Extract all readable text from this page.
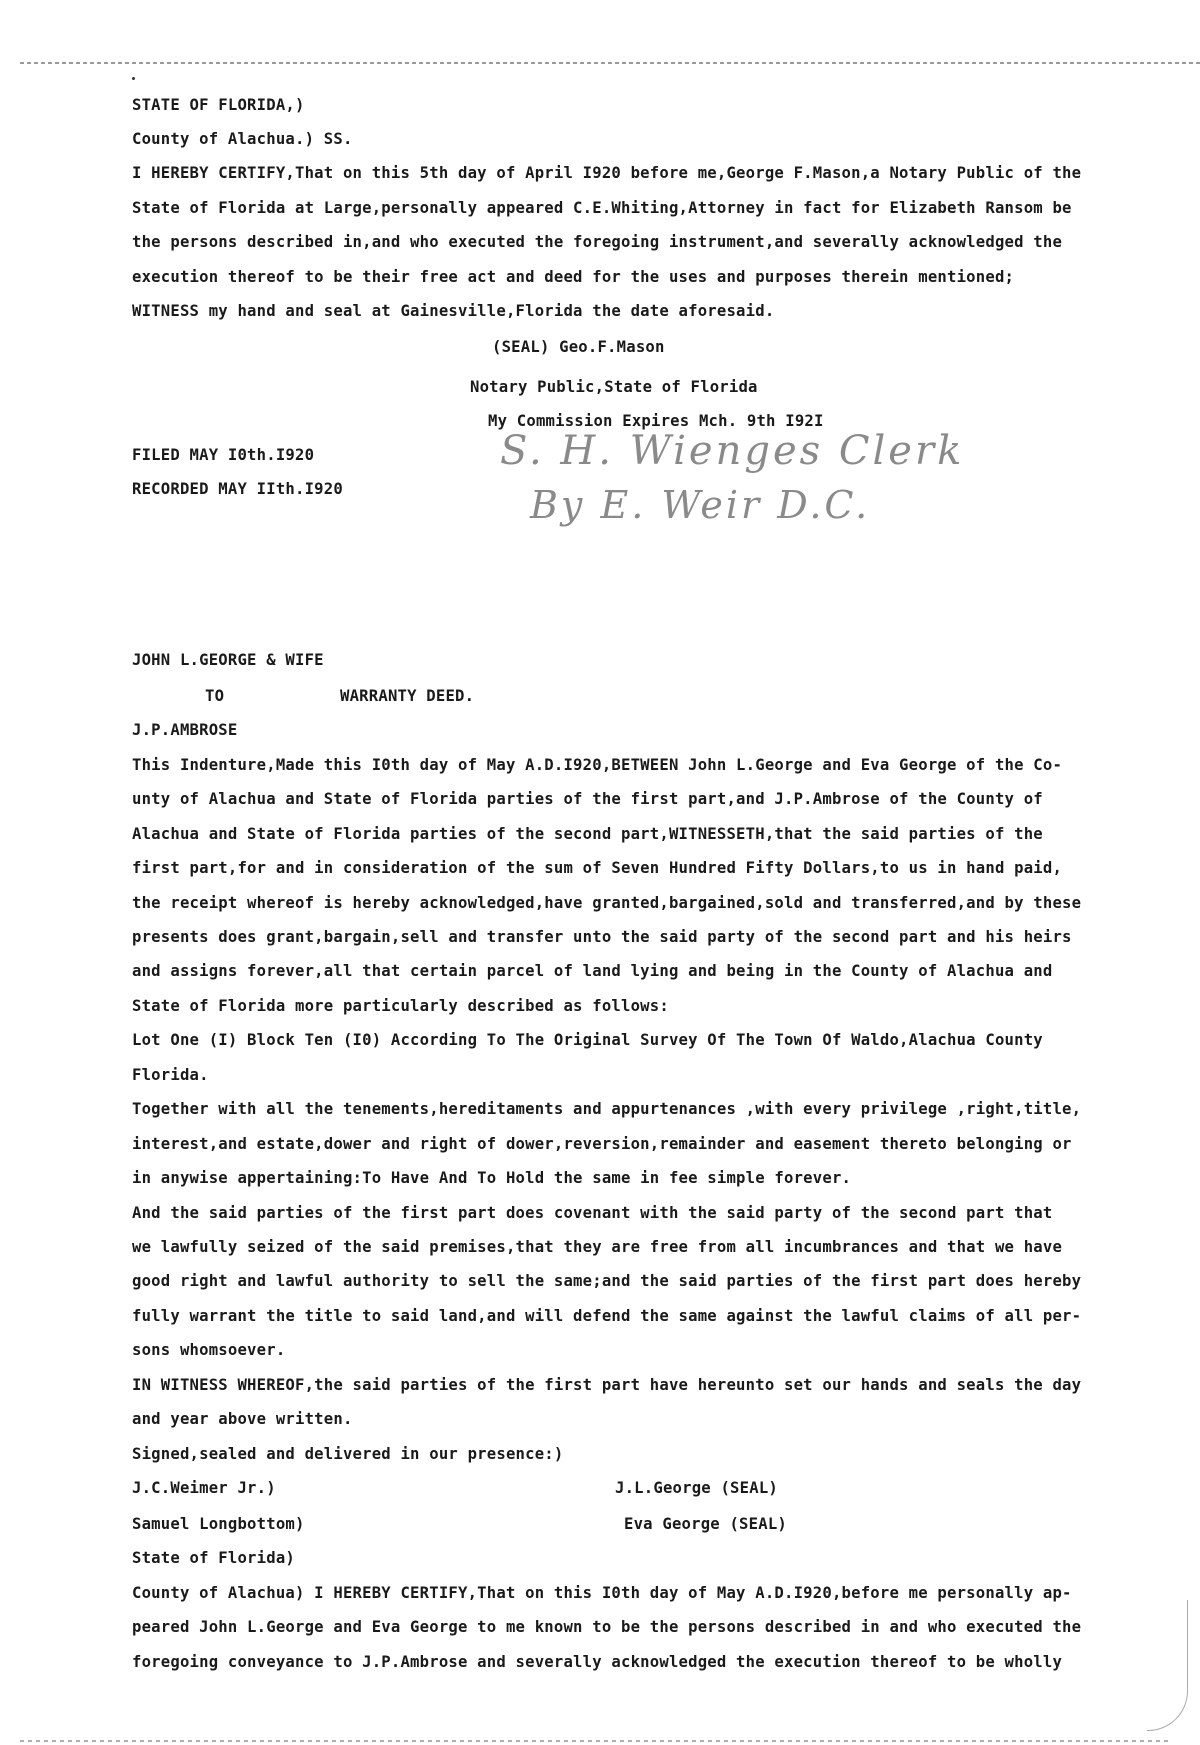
STATE OF FLORIDA,)
County of Alachua.) SS.
I HEREBY CERTIFY,That on this 5th day of April I920 before me,George F.Mason,a Notary Public of the
State of Florida at Large,personally appeared C.E.Whiting,Attorney in fact for Elizabeth Ransom be
the persons described in,and who executed the foregoing instrument,and severally acknowledged the
execution thereof to be their free act and deed for the uses and purposes therein mentioned;
WITNESS my hand and seal at Gainesville,Florida the date aforesaid.
(SEAL) Geo.F.Mason
Notary Public,State of Florida
My Commission Expires Mch. 9th I92I
FILED MAY I0th.I920
RECORDED MAY IIth.I920
S. H. Wienges Clerk
By E. Weir D.C.
JOHN L.GEORGE & WIFE
TO	WARRANTY DEED.
J.P.AMBROSE
This Indenture,Made this I0th day of May A.D.I920,BETWEEN John L.George and Eva George of the Co-
unty of Alachua and State of Florida parties of the first part,and J.P.Ambrose of the County of
Alachua and State of Florida parties of the second part,WITNESSETH,that the said parties of the
first part,for and in consideration of the sum of Seven Hundred Fifty Dollars,to us in hand paid,
the receipt whereof is hereby acknowledged,have granted,bargained,sold and transferred,and by these
presents does grant,bargain,sell and transfer unto the said party of the second part and his heirs
and assigns forever,all that certain parcel of land lying and being in the County of Alachua and
State of Florida more particularly described as follows:
Lot One (I) Block Ten (I0) According To The Original Survey Of The Town Of Waldo,Alachua County
Florida.
Together with all the tenements,hereditaments and appurtenances ,with every privilege ,right,title,
interest,and estate,dower and right of dower,reversion,remainder and easement thereto belonging or
in anywise appertaining:To Have And To Hold the same in fee simple forever.
And the said parties of the first part does covenant with the said party of the second part that
we lawfully seized of the said premises,that they are free from all incumbrances and that we have
good right and lawful authority to sell the same;and the said parties of the first part does hereby
fully warrant the title to said land,and will defend the same against the lawful claims of all per-
sons whomsoever.
IN WITNESS WHEREOF,the said parties of the first part have hereunto set our hands and seals the day
and year above written.
Signed,sealed and delivered in our presence:)
J.C.Weimer Jr.)	J.L.George (SEAL)
Samuel Longbottom)	Eva George (SEAL)
State of Florida)
County of Alachua) I HEREBY CERTIFY,That on this I0th day of May A.D.I920,before me personally ap-
peared John L.George and Eva George to me known to be the persons described in and who executed the
foregoing conveyance to J.P.Ambrose and severally acknowledged the execution thereof to be wholly
